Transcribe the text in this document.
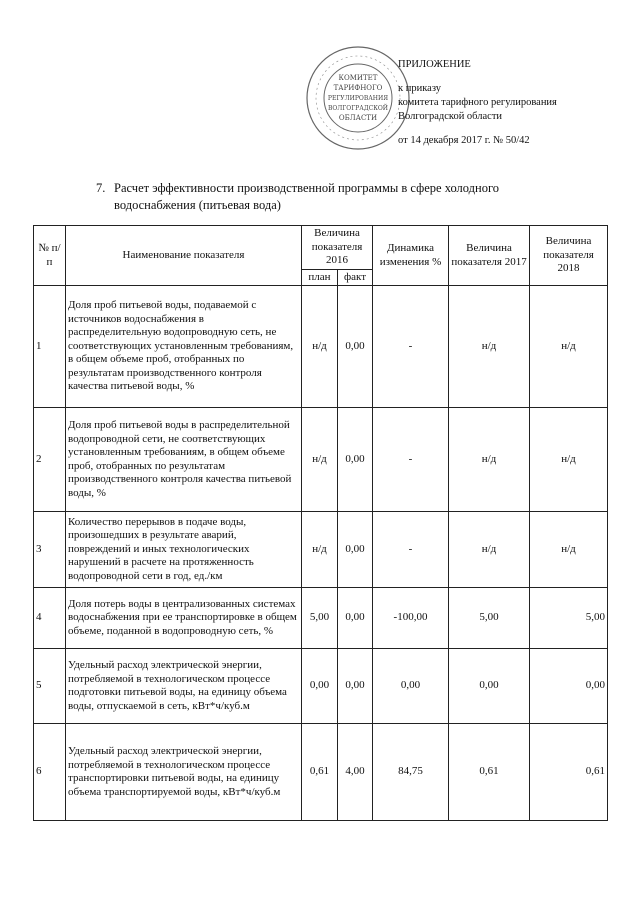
КОМИТЕТ
ТАРИФНОГО
РЕГУЛИРОВАНИЯ
ВОЛГОГРАДСКОЙ
ОБЛАСТИ
ПРИЛОЖЕНИЕ
к приказу
комитета тарифного регулирования
Волгоградской области
от 14 декабря 2017 г. № 50/42
7. Расчет эффективности производственной программы в сфере холодного
водоснабжения (питьевая вода)
№ п/п	Наименование показателя	Величина показателя 2016		Динамика изменения %	Величина показателя 2017	Величина показателя 2018
		план	факт			
1	Доля проб питьевой воды, подаваемой с источников водоснабжения в распределительную водопроводную сеть, не соответствующих установленным требованиям, в общем объеме проб, отобранных по результатам производственного контроля качества питьевой воды, %	н/д	0,00	-	н/д	н/д
2	Доля проб питьевой воды в распределительной водопроводной сети, не соответствующих установленным требованиям, в общем объеме проб, отобранных по результатам производственного контроля качества питьевой воды, %	н/д	0,00	-	н/д	н/д
3	Количество перерывов в подаче воды, произошедших в результате аварий, повреждений и иных технологических нарушений в расчете на протяженность водопроводной сети в год, ед./км	н/д	0,00	-	н/д	н/д
4	Доля потерь воды в централизованных системах водоснабжения при ее транспортировке в общем объеме, поданной в водопроводную сеть, %	5,00	0,00	-100,00	5,00	5,00
5	Удельный расход электрической энергии, потребляемой в технологическом процессе подготовки питьевой воды, на единицу объема воды, отпускаемой в сеть, кВт*ч/куб.м	0,00	0,00	0,00	0,00	0,00
6	Удельный расход электрической энергии, потребляемой в технологическом процессе транспортировки питьевой воды, на единицу объема транспортируемой воды, кВт*ч/куб.м	0,61	4,00	84,75	0,61	0,61
